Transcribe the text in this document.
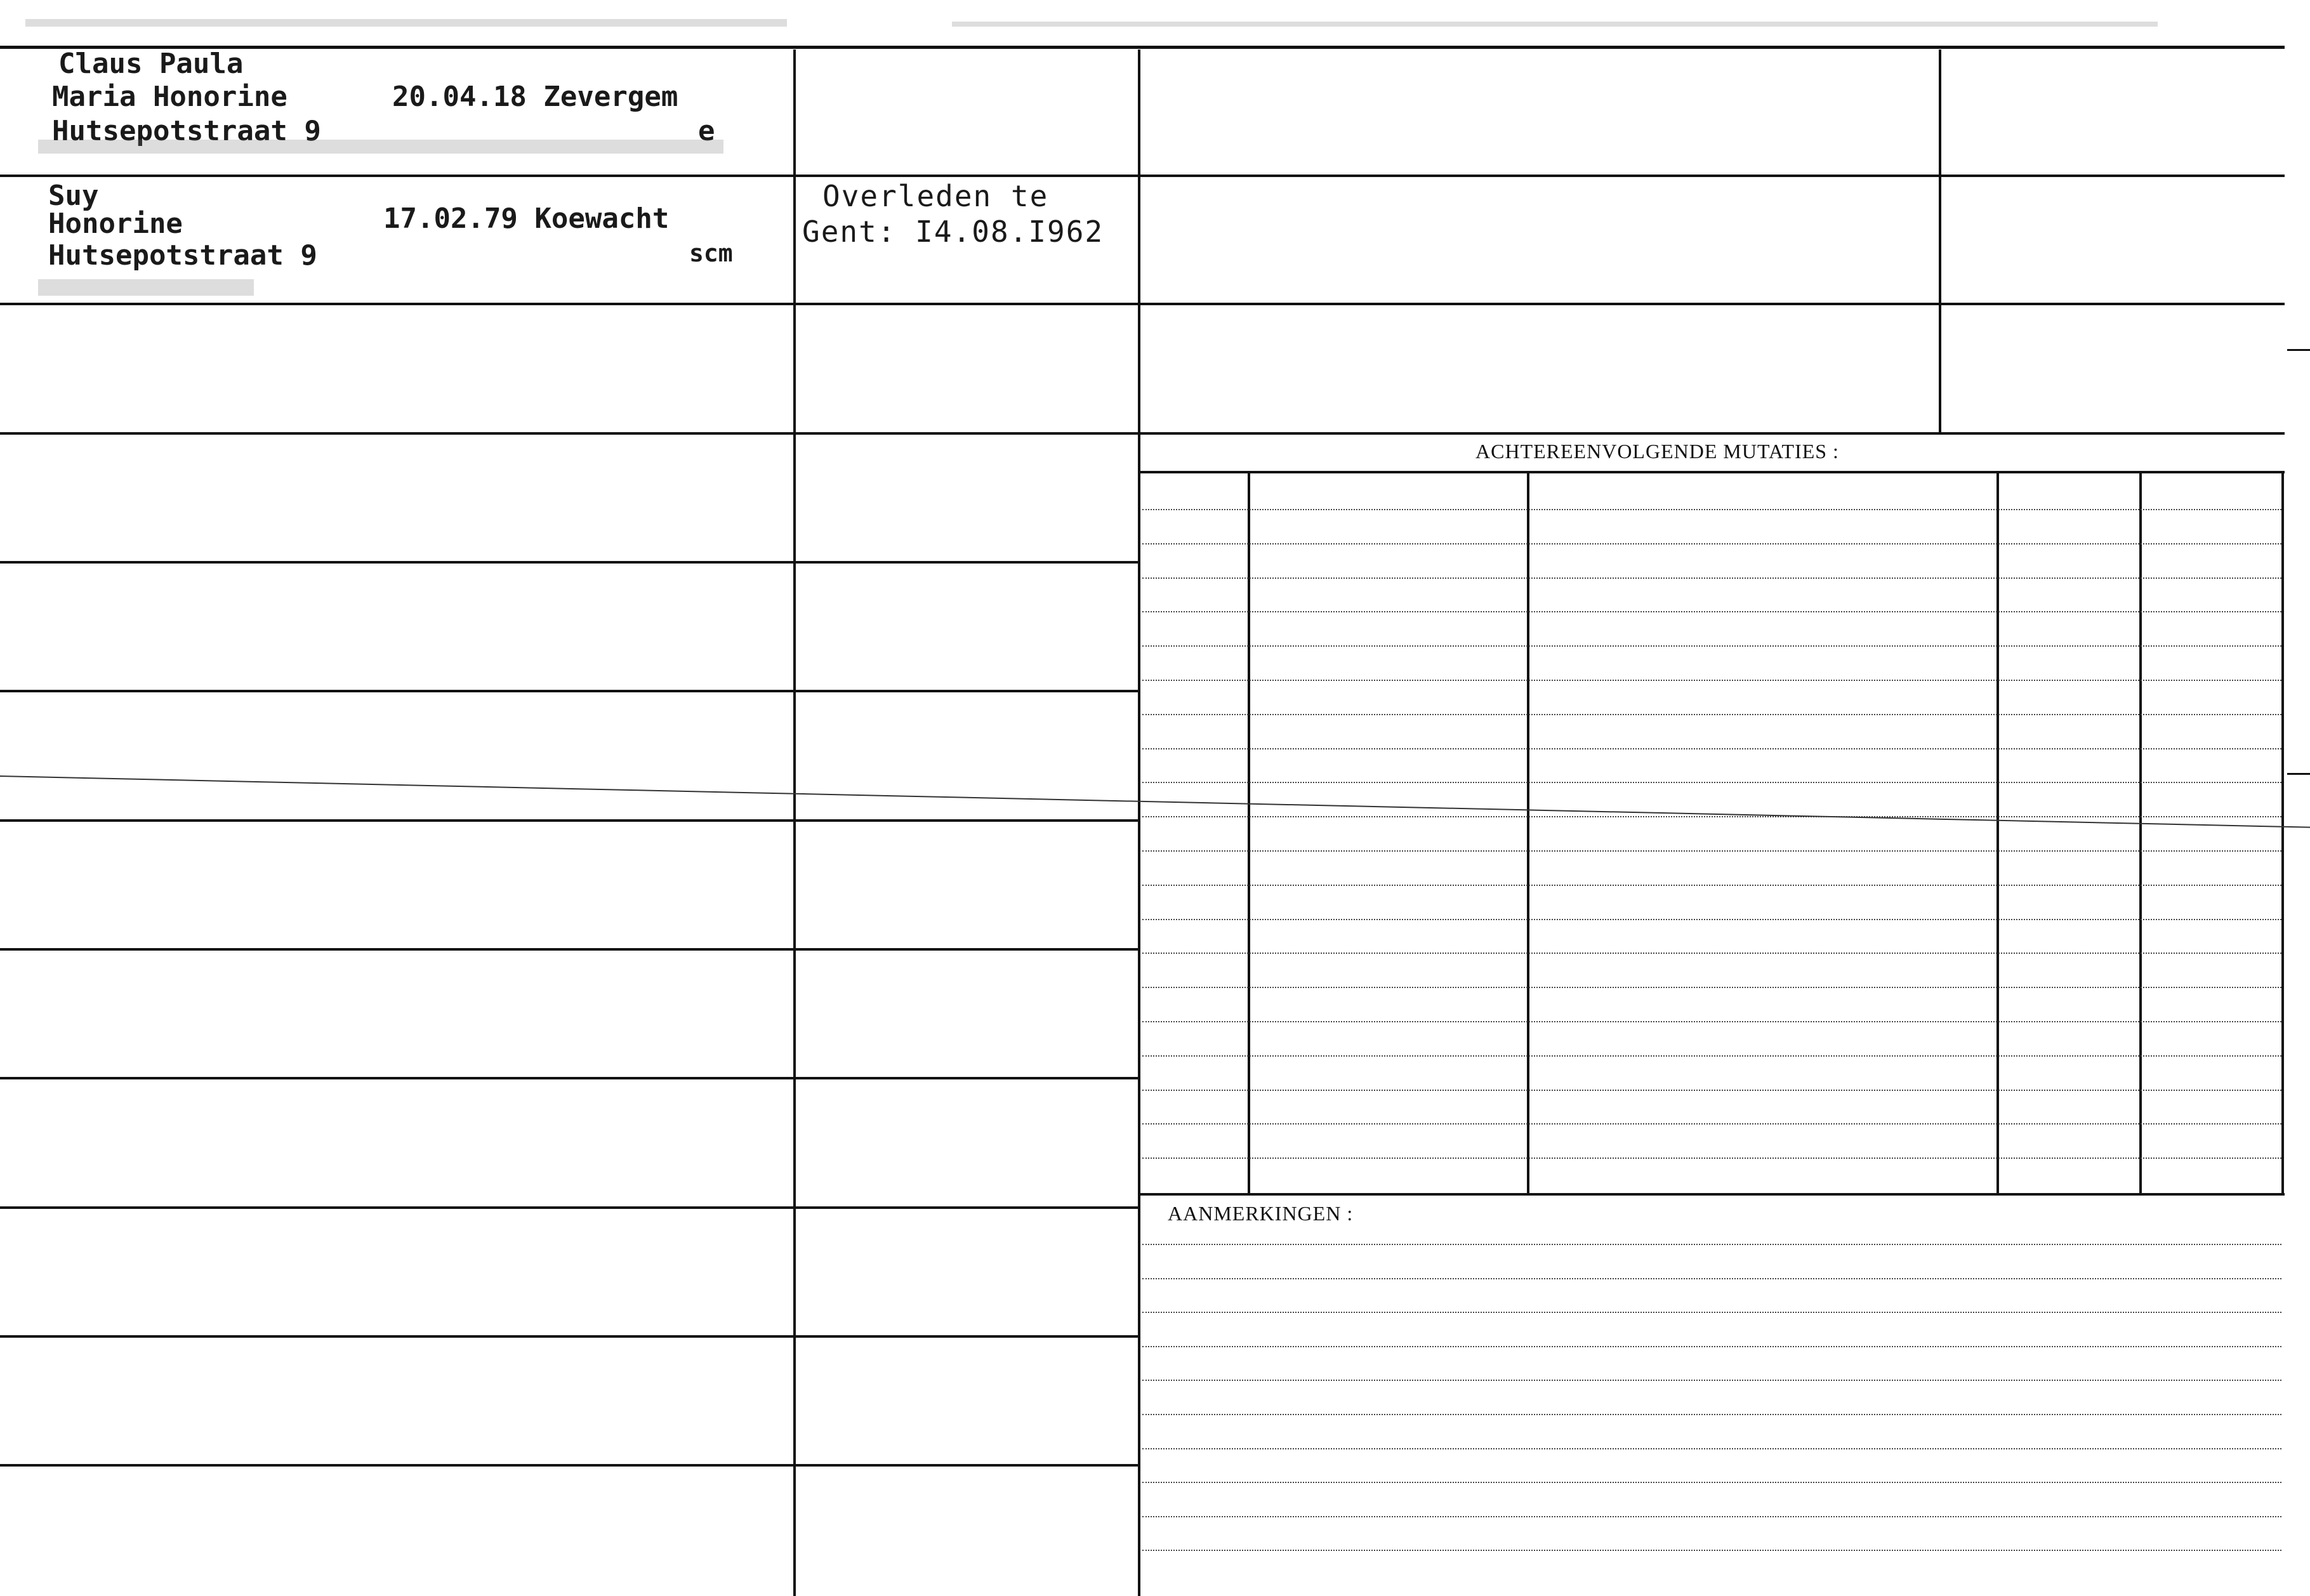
ACHTEREENVOLGENDE MUTATIES :
AANMERKINGEN :
Claus Paula
Maria Honorine
Hutsepotstraat 9
20.04.18 Zevergem
e
Suy
Honorine
Hutsepotstraat 9
17.02.79 Koewacht
scm
Overleden te
Gent: I4.08.I962
